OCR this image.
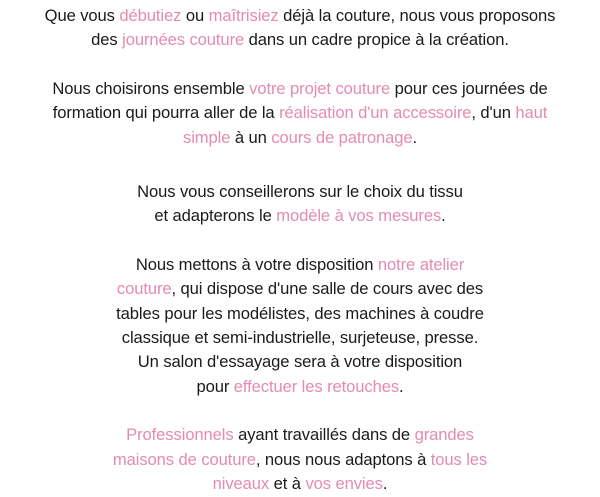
Que vous débutiez ou maîtrisiez déjà la couture, nous vous proposons
des journées couture dans un cadre propice à la création.

Nous choisirons ensemble votre projet couture pour ces journées de
formation qui pourra aller de la réalisation d'un accessoire, d'un haut
simple à un cours de patronage.

Nous vous conseillerons sur le choix du tissu
et adapterons le modèle à vos mesures.

Nous mettons à votre disposition notre atelier
couture, qui dispose d'une salle de cours avec des
tables pour les modélistes, des machines à coudre
classique et semi-industrielle, surjeteuse, presse.
Un salon d'essayage sera à votre disposition
pour effectuer les retouches.

Professionnels ayant travaillés dans de grandes
maisons de couture, nous nous adaptons à tous les
niveaux et à vos envies.
